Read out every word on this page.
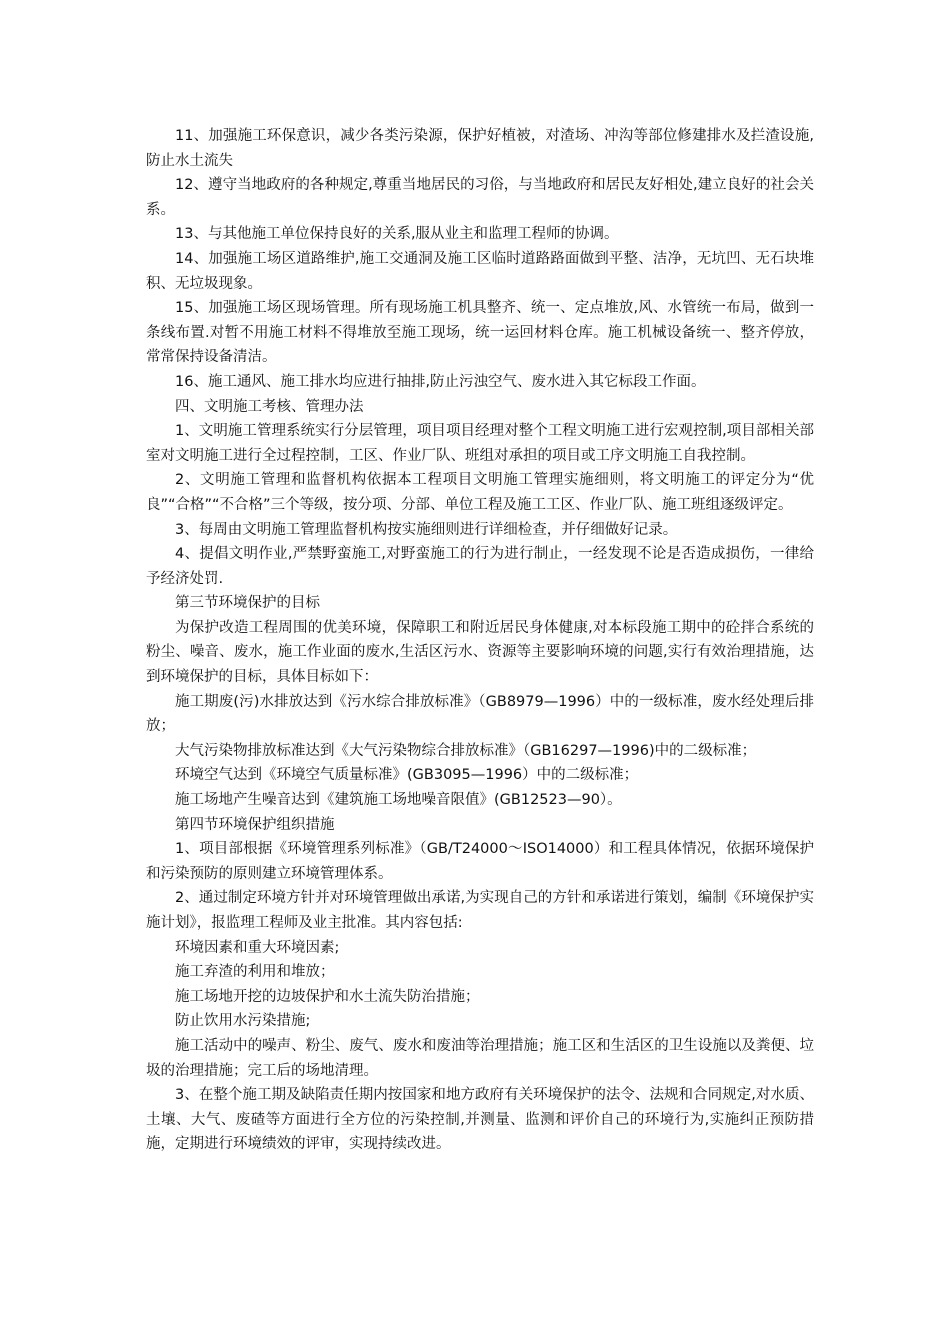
11、加强施工环保意识，减少各类污染源，保护好植被，对渣场、冲沟等部位修建排水及拦渣设施,防止水土流失

12、遵守当地政府的各种规定,尊重当地居民的习俗，与当地政府和居民友好相处,建立良好的社会关系。

13、与其他施工单位保持良好的关系,服从业主和监理工程师的协调。

14、加强施工场区道路维护,施工交通洞及施工区临时道路路面做到平整、洁净，无坑凹、无石块堆积、无垃圾现象。

15、加强施工场区现场管理。所有现场施工机具整齐、统一、定点堆放,风、水管统一布局，做到一条线布置.对暂不用施工材料不得堆放至施工现场，统一运回材料仓库。施工机械设备统一、整齐停放，常常保持设备清洁。

16、施工通风、施工排水均应进行抽排,防止污浊空气、废水进入其它标段工作面。

四、文明施工考核、管理办法

1、文明施工管理系统实行分层管理，项目项目经理对整个工程文明施工进行宏观控制,项目部相关部室对文明施工进行全过程控制，工区、作业厂队、班组对承担的项目或工序文明施工自我控制。

2、文明施工管理和监督机构依据本工程项目文明施工管理实施细则，将文明施工的评定分为“优良”“合格”“不合格”三个等级，按分项、分部、单位工程及施工工区、作业厂队、施工班组逐级评定。

3、每周由文明施工管理监督机构按实施细则进行详细检查，并仔细做好记录。

4、提倡文明作业,严禁野蛮施工,对野蛮施工的行为进行制止，一经发现不论是否造成损伤，一律给予经济处罚.

第三节环境保护的目标

为保护改造工程周围的优美环境，保障职工和附近居民身体健康,对本标段施工期中的砼拌合系统的粉尘、噪音、废水，施工作业面的废水,生活区污水、资源等主要影响环境的问题,实行有效治理措施，达到环境保护的目标，具体目标如下：

施工期废(污)水排放达到《污水综合排放标准》（GB8979—1996）中的一级标准，废水经处理后排放；

大气污染物排放标准达到《大气污染物综合排放标准》（GB16297—1996)中的二级标准；

环境空气达到《环境空气质量标准》(GB3095—1996）中的二级标准；

施工场地产生噪音达到《建筑施工场地噪音限值》(GB12523—90）。

第四节环境保护组织措施

1、项目部根据《环境管理系列标准》（GB/T24000～ISO14000）和工程具体情况，依据环境保护和污染预防的原则建立环境管理体系。

2、通过制定环境方针并对环境管理做出承诺,为实现自己的方针和承诺进行策划，编制《环境保护实施计划》，报监理工程师及业主批准。其内容包括:

环境因素和重大环境因素;

施工弃渣的利用和堆放；

施工场地开挖的边坡保护和水土流失防治措施；

防止饮用水污染措施;

施工活动中的噪声、粉尘、废气、废水和废油等治理措施；施工区和生活区的卫生设施以及粪便、垃圾的治理措施；完工后的场地清理。

3、在整个施工期及缺陷责任期内按国家和地方政府有关环境保护的法令、法规和合同规定,对水质、土壤、大气、废碴等方面进行全方位的污染控制,并测量、监测和评价自己的环境行为,实施纠正预防措施，定期进行环境绩效的评审，实现持续改进。
